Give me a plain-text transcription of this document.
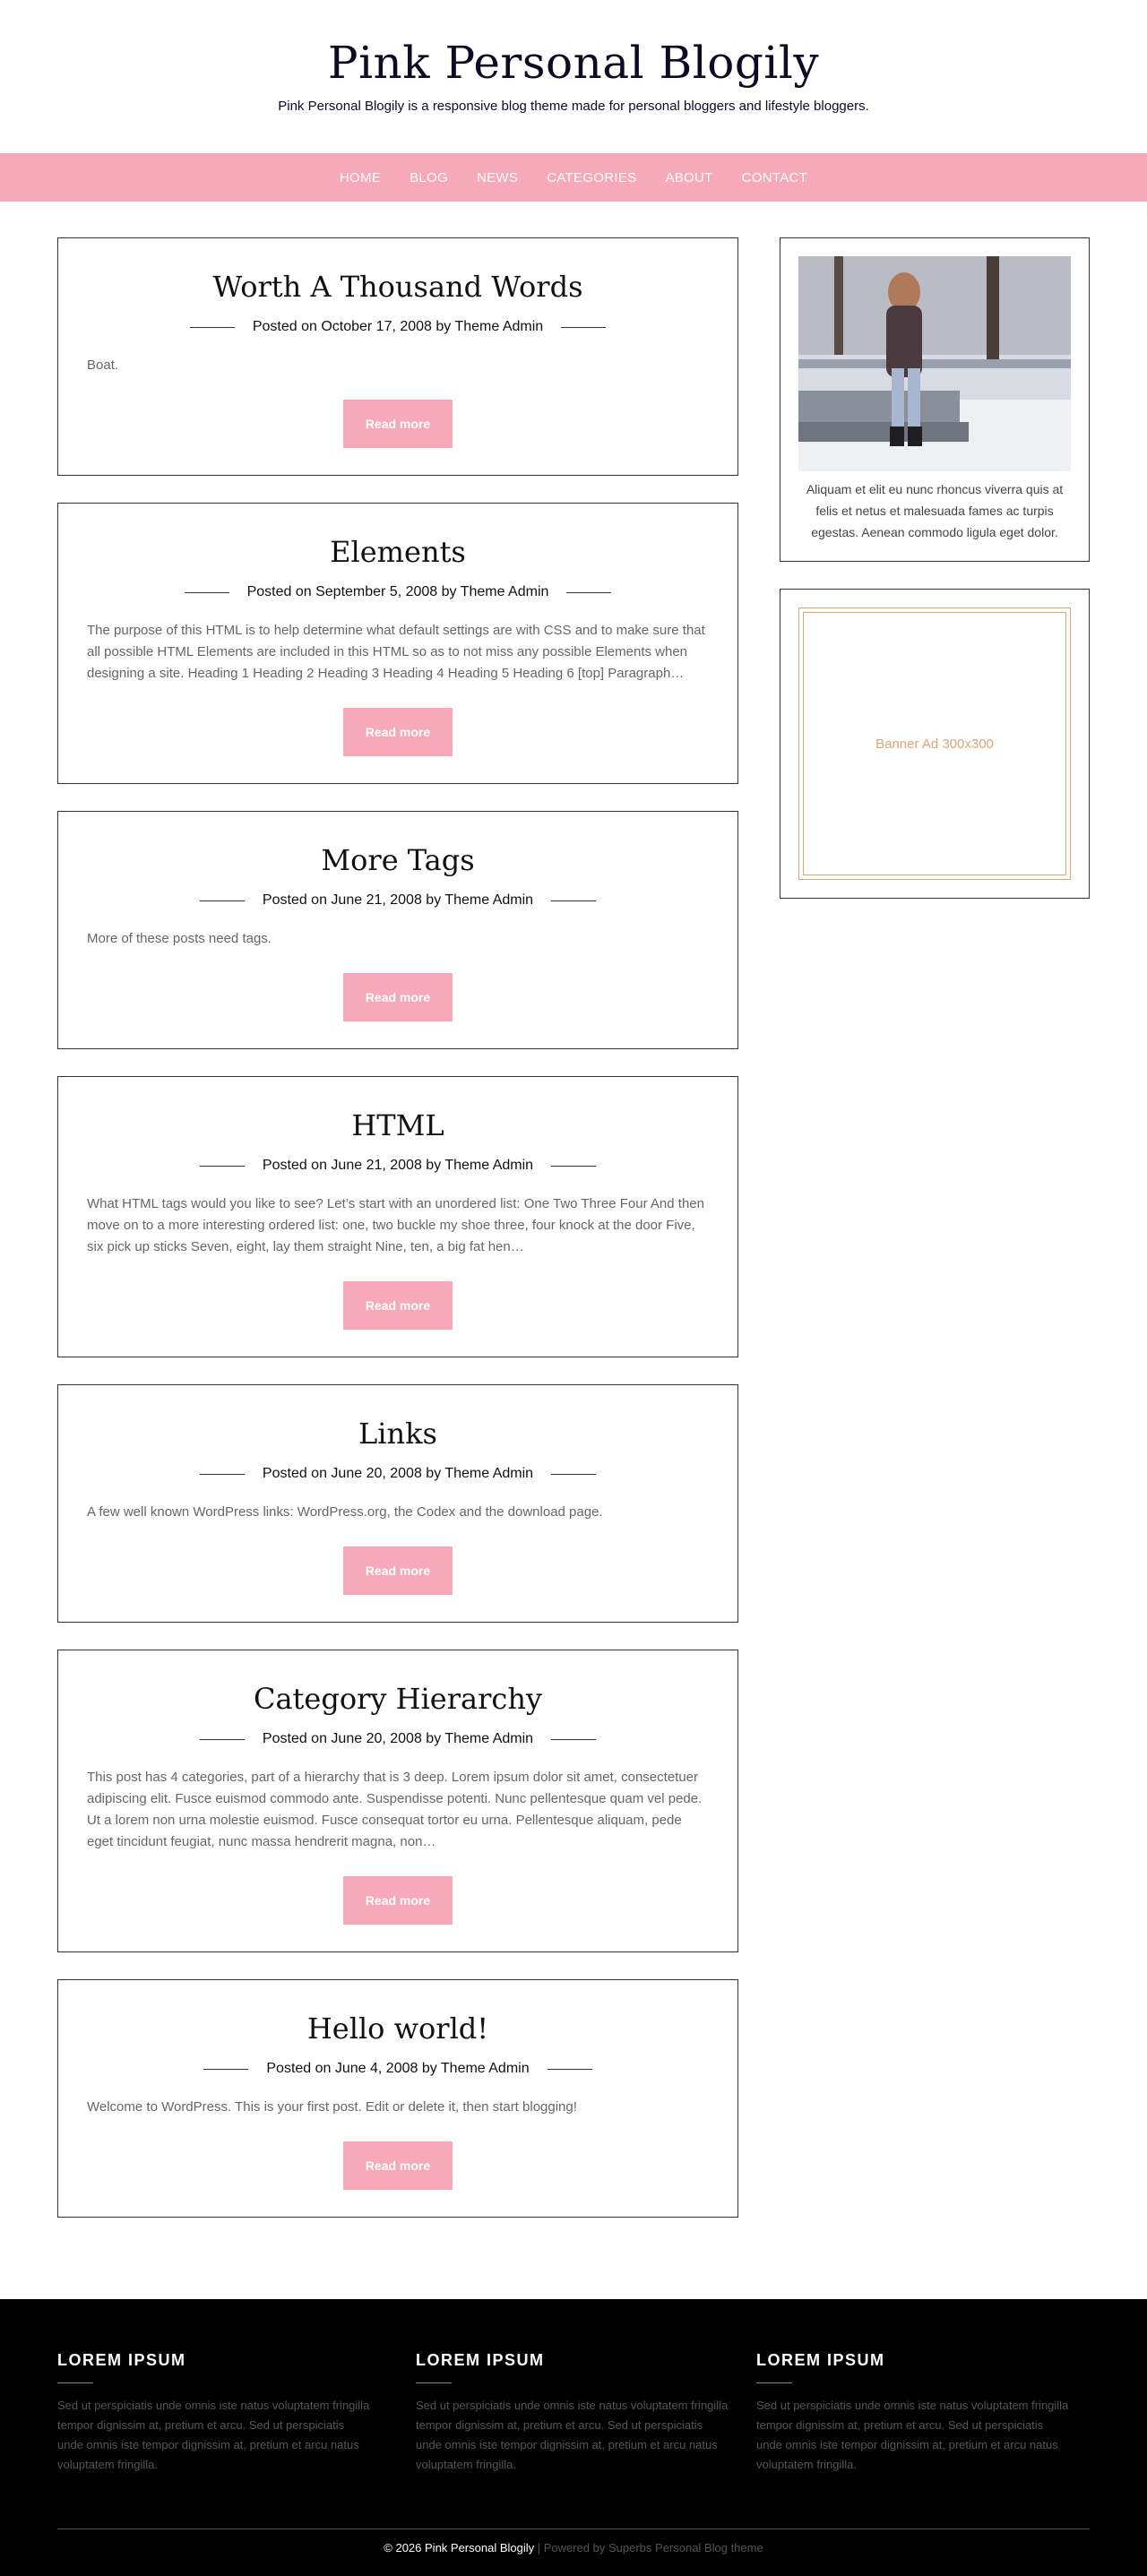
Pink Personal Blogily

Pink Personal Blogily is a responsive blog theme made for personal bloggers and lifestyle bloggers.

HOME BLOG NEWS CATEGORIES ABOUT CONTACT
Worth A Thousand Words
Posted on October 17, 2008 by Theme Admin

Boat.

Read more
Elements
Posted on September 5, 2008 by Theme Admin

The purpose of this HTML is to help determine what default settings are with CSS and to make sure that all possible HTML Elements are included in this HTML so as to not miss any possible Elements when designing a site. Heading 1 Heading 2 Heading 3 Heading 4 Heading 5 Heading 6 [top] Paragraph…

Read more
More Tags
Posted on June 21, 2008 by Theme Admin

More of these posts need tags.

Read more
HTML
Posted on June 21, 2008 by Theme Admin

What HTML tags would you like to see? Let’s start with an unordered list: One Two Three Four And then move on to a more interesting ordered list: one, two buckle my shoe three, four knock at the door Five, six pick up sticks Seven, eight, lay them straight Nine, ten, a big fat hen…

Read more
Links
Posted on June 20, 2008 by Theme Admin

A few well known WordPress links: WordPress.org, the Codex and the download page.

Read more
Category Hierarchy
Posted on June 20, 2008 by Theme Admin

This post has 4 categories, part of a hierarchy that is 3 deep. Lorem ipsum dolor sit amet, consectetuer adipiscing elit. Fusce euismod commodo ante. Suspendisse potenti. Nunc pellentesque quam vel pede. Ut a lorem non urna molestie euismod. Fusce consequat tortor eu urna. Pellentesque aliquam, pede eget tincidunt feugiat, nunc massa hendrerit magna, non…

Read more
Hello world!
Posted on June 4, 2008 by Theme Admin

Welcome to WordPress. This is your first post. Edit or delete it, then start blogging!

Read more

Aliquam et elit eu nunc rhoncus viverra quis at felis et netus et malesuada fames ac turpis egestas. Aenean commodo ligula eget dolor.

Banner Ad 300x300
LOREM IPSUM

Sed ut perspiciatis unde omnis iste natus voluptatem fringilla tempor dignissim at, pretium et arcu. Sed ut perspiciatis unde omnis iste tempor dignissim at, pretium et arcu natus voluptatem fringilla.

LOREM IPSUM

Sed ut perspiciatis unde omnis iste natus voluptatem fringilla tempor dignissim at, pretium et arcu. Sed ut perspiciatis unde omnis iste tempor dignissim at, pretium et arcu natus voluptatem fringilla.

LOREM IPSUM

Sed ut perspiciatis unde omnis iste natus voluptatem fringilla tempor dignissim at, pretium et arcu. Sed ut perspiciatis unde omnis iste tempor dignissim at, pretium et arcu natus voluptatem fringilla.

© 2026 Pink Personal Blogily | Powered by Superbs Personal Blog theme
